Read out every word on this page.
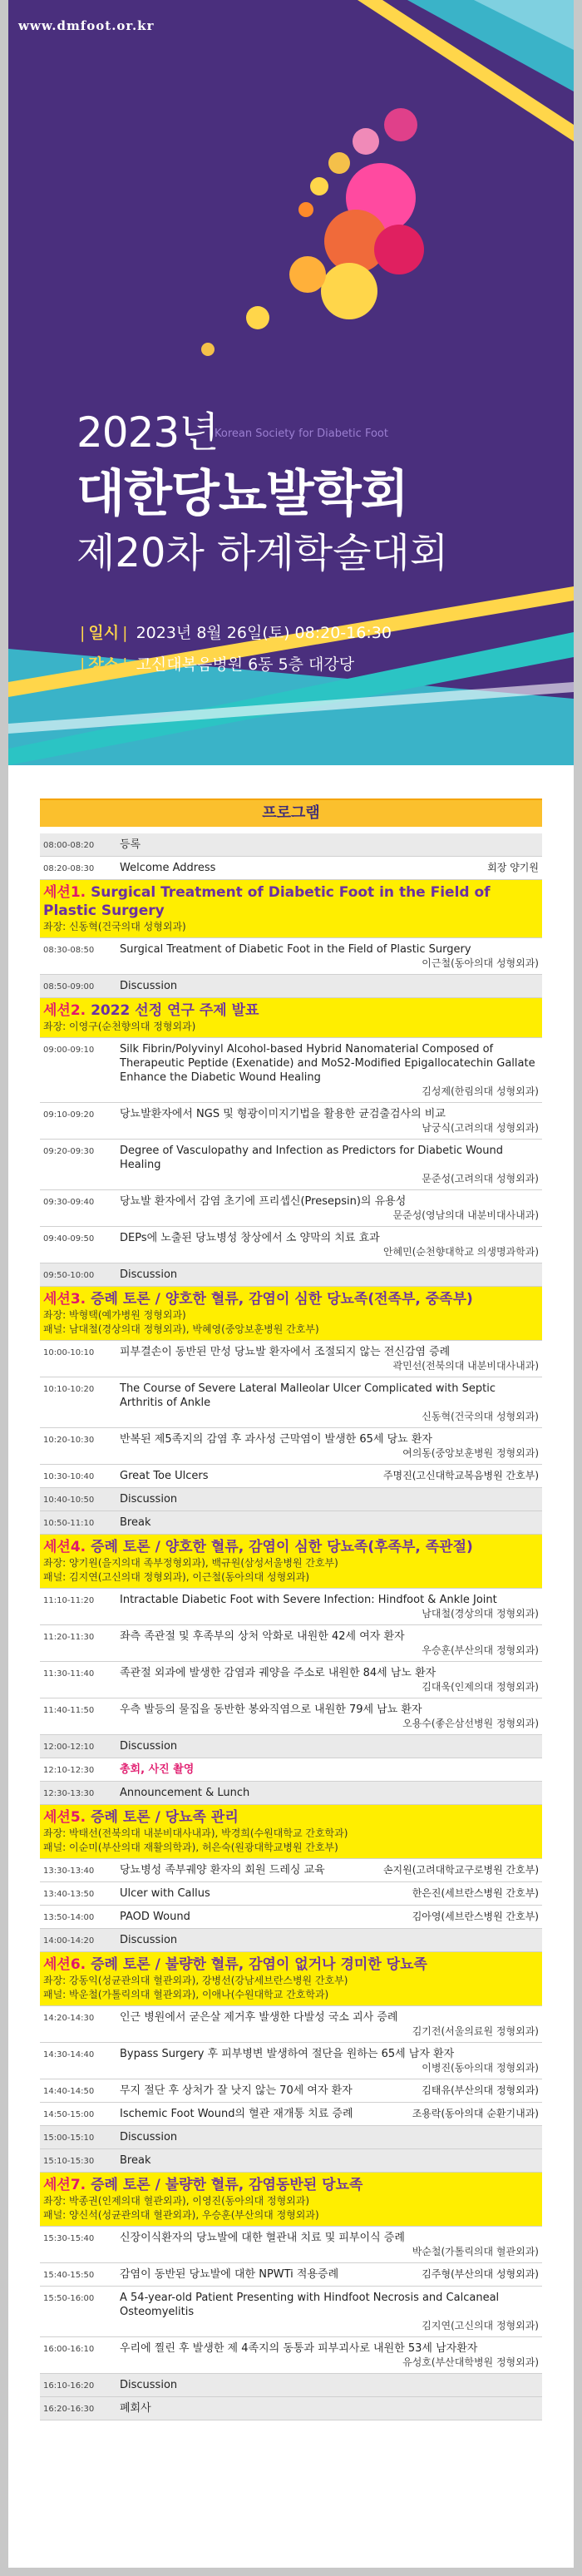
www.dmfoot.or.kr
2023년
Korean Society for Diabetic Foot
대한당뇨발학회
제20차 하계학술대회
| 일시 | 2023년 8월 26일(토) 08:20-16:30
| 장소 | 고신대복음병원 6동 5층 대강당
프로그램
08:00-08:20	등록
08:20-08:30	Welcome Address	회장 양기원
세션1. Surgical Treatment of Diabetic Foot in the Field of Plastic Surgery
좌장: 신동혁(건국의대 성형외과)
08:30-08:50	Surgical Treatment of Diabetic Foot in the Field of Plastic Surgery
이근철(동아의대 성형외과)
08:50-09:00	Discussion
세션2. 2022 선정 연구 주제 발표
좌장: 이영구(순천향의대 정형외과)
09:00-09:10	Silk Fibrin/Polyvinyl Alcohol-based Hybrid Nanomaterial Composed of Therapeutic Peptide (Exenatide) and MoS2-Modified Epigallocatechin Gallate Enhance the Diabetic Wound Healing
김성제(한림의대 성형외과)
09:10-09:20	당뇨발환자에서 NGS 및 형광이미지기법을 활용한 균검출검사의 비교
남궁식(고려의대 성형외과)
09:20-09:30	Degree of Vasculopathy and Infection as Predictors for Diabetic Wound Healing
문준성(고려의대 성형외과)
09:30-09:40	당뇨발 환자에서 감염 초기에 프리셉신(Presepsin)의 유용성
문준성(영남의대 내분비대사내과)
09:40-09:50	DEPs에 노출된 당뇨병성 창상에서 소 양막의 치료 효과
안혜민(순천향대학교 의생명과학과)
09:50-10:00	Discussion
세션3. 증례 토론 / 양호한 혈류, 감염이 심한 당뇨족(전족부, 중족부)
좌장: 박형택(예가병원 정형외과)
패널: 남대철(경상의대 정형외과), 박혜영(중앙보훈병원 간호부)
10:00-10:10	피부결손이 동반된 만성 당뇨발 환자에서 조절되지 않는 전신감염 증례
곽민선(전북의대 내분비대사내과)
10:10-10:20	The Course of Severe Lateral Malleolar Ulcer Complicated with Septic Arthritis of Ankle
신동혁(건국의대 성형외과)
10:20-10:30	반복된 제5족지의 감염 후 과사성 근막염이 발생한 65세 당뇨 환자
여의동(중앙보훈병원 정형외과)
10:30-10:40	Great Toe Ulcers	주명진(고신대학교복음병원 간호부)
10:40-10:50	Discussion
10:50-11:10	Break
세션4. 증례 토론 / 양호한 혈류, 감염이 심한 당뇨족(후족부, 족관절)
좌장: 양기원(을지의대 족부정형외과), 백규원(삼성서울병원 간호부)
패널: 김지연(고신의대 정형외과), 이근철(동아의대 성형외과)
11:10-11:20	Intractable Diabetic Foot with Severe Infection: Hindfoot & Ankle Joint
남대철(경상의대 정형외과)
11:20-11:30	좌측 족관절 및 후족부의 상처 악화로 내원한 42세 여자 환자
우승훈(부산의대 정형외과)
11:30-11:40	족관절 외과에 발생한 감염과 궤양을 주소로 내원한 84세 남노 환자
김대욱(인제의대 정형외과)
11:40-11:50	우측 발등의 물집을 동반한 봉와직염으로 내원한 79세 남뇨 환자
오용수(좋은삼선병원 정형외과)
12:00-12:10	Discussion
12:10-12:30	총회, 사진 촬영
12:30-13:30	Announcement & Lunch
세션5. 증례 토론 / 당뇨족 관리
좌장: 박태선(전북의대 내분비대사내과), 박경희(수원대학교 간호학과)
패널: 이순미(부산의대 재활의학과), 허은숙(원광대학교병원 간호부)
13:30-13:40	당뇨병성 족부궤양 환자의 회원 드레싱 교육	손지원(고려대학교구로병원 간호부)
13:40-13:50	Ulcer with Callus	한은진(세브란스병원 간호부)
13:50-14:00	PAOD Wound	김아영(세브란스병원 간호부)
14:00-14:20	Discussion
세션6. 증례 토론 / 불량한 혈류, 감염이 없거나 경미한 당뇨족
좌장: 강동익(성균관의대 혈관외과), 강병선(강남세브란스병원 간호부)
패널: 박운철(가톨릭의대 혈관외과), 이애나(수원대학교 간호학과)
14:20-14:30	인근 병원에서 굳은살 제거후 발생한 다발성 국소 괴사 증례
김기전(서울의료원 정형외과)
14:30-14:40	Bypass Surgery 후 피부병변 발생하여 절단을 원하는 65세 남자 환자
이병진(동아의대 정형외과)
14:40-14:50	무지 절단 후 상처가 잘 낫지 않는 70세 여자 환자	김태유(부산의대 정형외과)
14:50-15:00	Ischemic Foot Wound의 혈관 재개통 치료 증례	조용락(동아의대 순환기내과)
15:00-15:10	Discussion
15:10-15:30	Break
세션7. 증례 토론 / 불량한 혈류, 감염동반된 당뇨족
좌장: 박종권(인제의대 혈관외과), 이영진(동아의대 정형외과)
패널: 양신석(성균관의대 혈관외과), 우승훈(부산의대 정형외과)
15:30-15:40	신장이식환자의 당뇨발에 대한 혈관내 치료 및 피부이식 증례
박순철(가톨릭의대 혈관외과)
15:40-15:50	감염이 동반된 당뇨발에 대한 NPWTi 적용증례	김주형(부산의대 성형외과)
15:50-16:00	A 54-year-old Patient Presenting with Hindfoot Necrosis and Calcaneal Osteomyelitis
김지연(고신의대 정형외과)
16:00-16:10	우리에 찔린 후 발생한 제 4족지의 동통과 피부괴사로 내원한 53세 남자환자
유성호(부산대학병원 정형외과)
16:10-16:20	Discussion
16:20-16:30	폐회사
